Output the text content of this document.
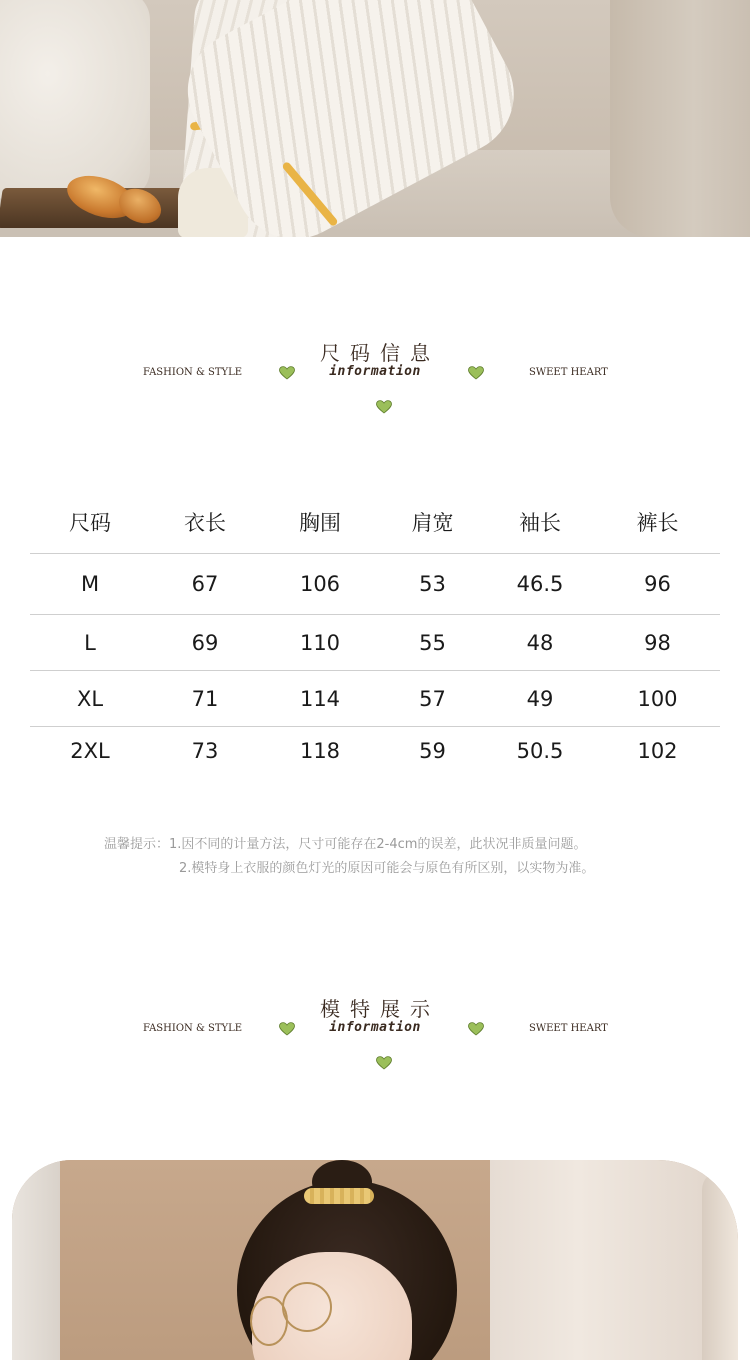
尺码信息
information
FASHION & STYLE	SWEET HEART
尺码	衣长	胸围	肩宽	袖长	裤长
M	67	106	53	46.5	96
L	69	110	55	48	98
XL	71	114	57	49	100
2XL	73	118	59	50.5	102
温馨提示：1.因不同的计量方法，尺寸可能存在2-4cm的误差，此状况非质量问题。
2.模特身上衣服的颜色灯光的原因可能会与原色有所区别，以实物为准。
模特展示
information
FASHION & STYLE	SWEET HEART
